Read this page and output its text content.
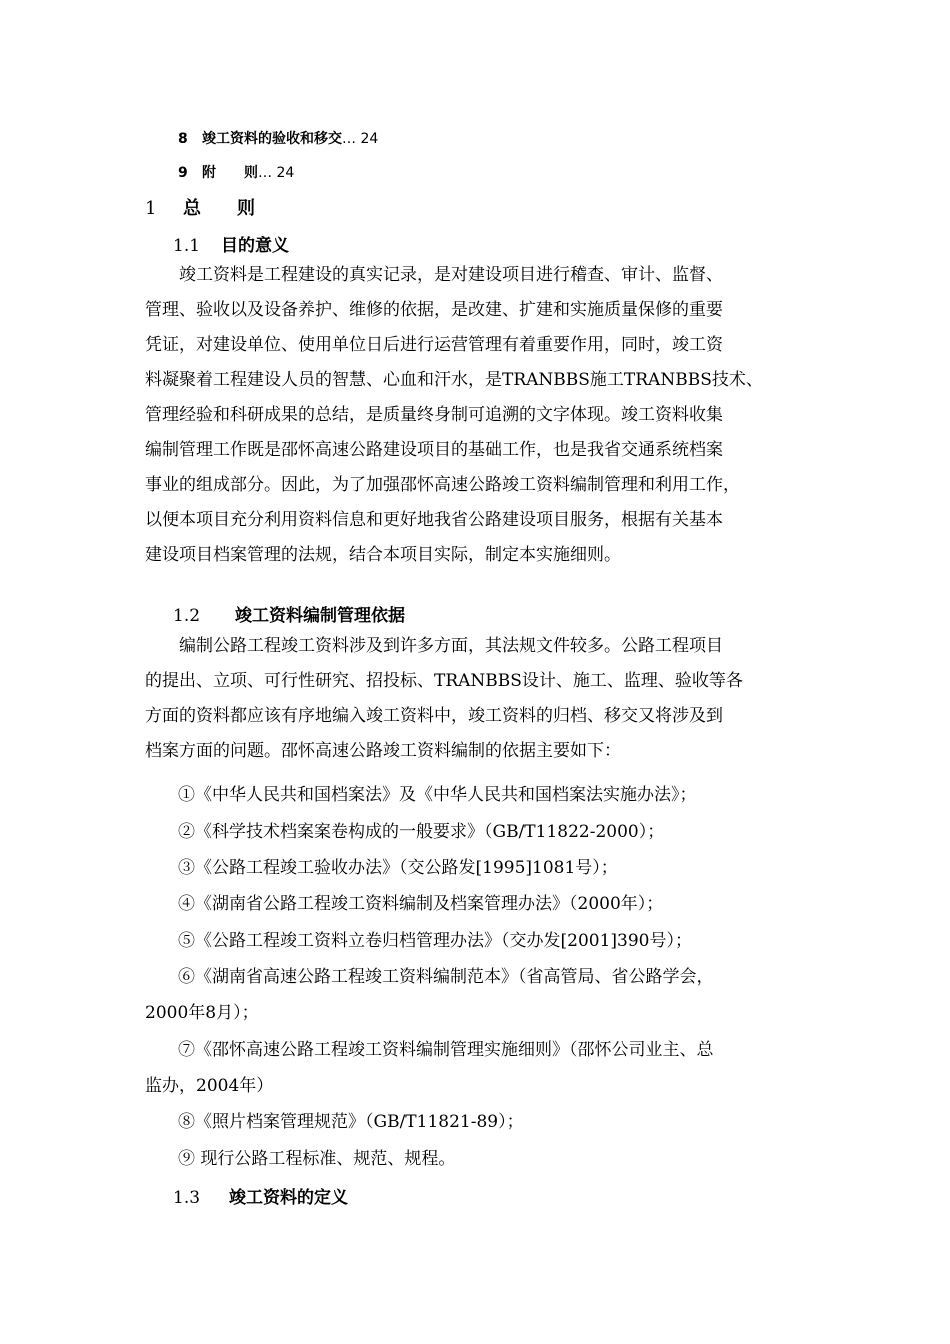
8 竣工资料的验收和移交… 24
9 附　　则… 24
1 总　　则
1.1 目的意义
竣工资料是工程建设的真实记录，是对建设项目进行稽查、审计、监督、
管理、验收以及设备养护、维修的依据，是改建、扩建和实施质量保修的重要
凭证，对建设单位、使用单位日后进行运营管理有着重要作用，同时，竣工资
料凝聚着工程建设人员的智慧、心血和汗水，是TRANBBS施工TRANBBS技术、
管理经验和科研成果的总结，是质量终身制可追溯的文字体现。竣工资料收集
编制管理工作既是邵怀高速公路建设项目的基础工作，也是我省交通系统档案
事业的组成部分。因此，为了加强邵怀高速公路竣工资料编制管理和利用工作，
以便本项目充分利用资料信息和更好地我省公路建设项目服务，根据有关基本
建设项目档案管理的法规，结合本项目实际，制定本实施细则。
1.2 竣工资料编制管理依据
编制公路工程竣工资料涉及到许多方面，其法规文件较多。公路工程项目
的提出、立项、可行性研究、招投标、TRANBBS设计、施工、监理、验收等各
方面的资料都应该有序地编入竣工资料中，竣工资料的归档、移交又将涉及到
档案方面的问题。邵怀高速公路竣工资料编制的依据主要如下：
①《中华人民共和国档案法》及《中华人民共和国档案法实施办法》；
②《科学技术档案案卷构成的一般要求》（GB/T11822-2000）；
③《公路工程竣工验收办法》（交公路发[1995]1081号）；
④《湖南省公路工程竣工资料编制及档案管理办法》（2000年）；
⑤《公路工程竣工资料立卷归档管理办法》（交办发[2001]390号）；
⑥《湖南省高速公路工程竣工资料编制范本》（省高管局、省公路学会，
2000年8月）；
⑦《邵怀高速公路工程竣工资料编制管理实施细则》（邵怀公司业主、总
监办，2004年）
⑧《照片档案管理规范》（GB/T11821-89）；
⑨ 现行公路工程标准、规范、规程。
1.3 竣工资料的定义
